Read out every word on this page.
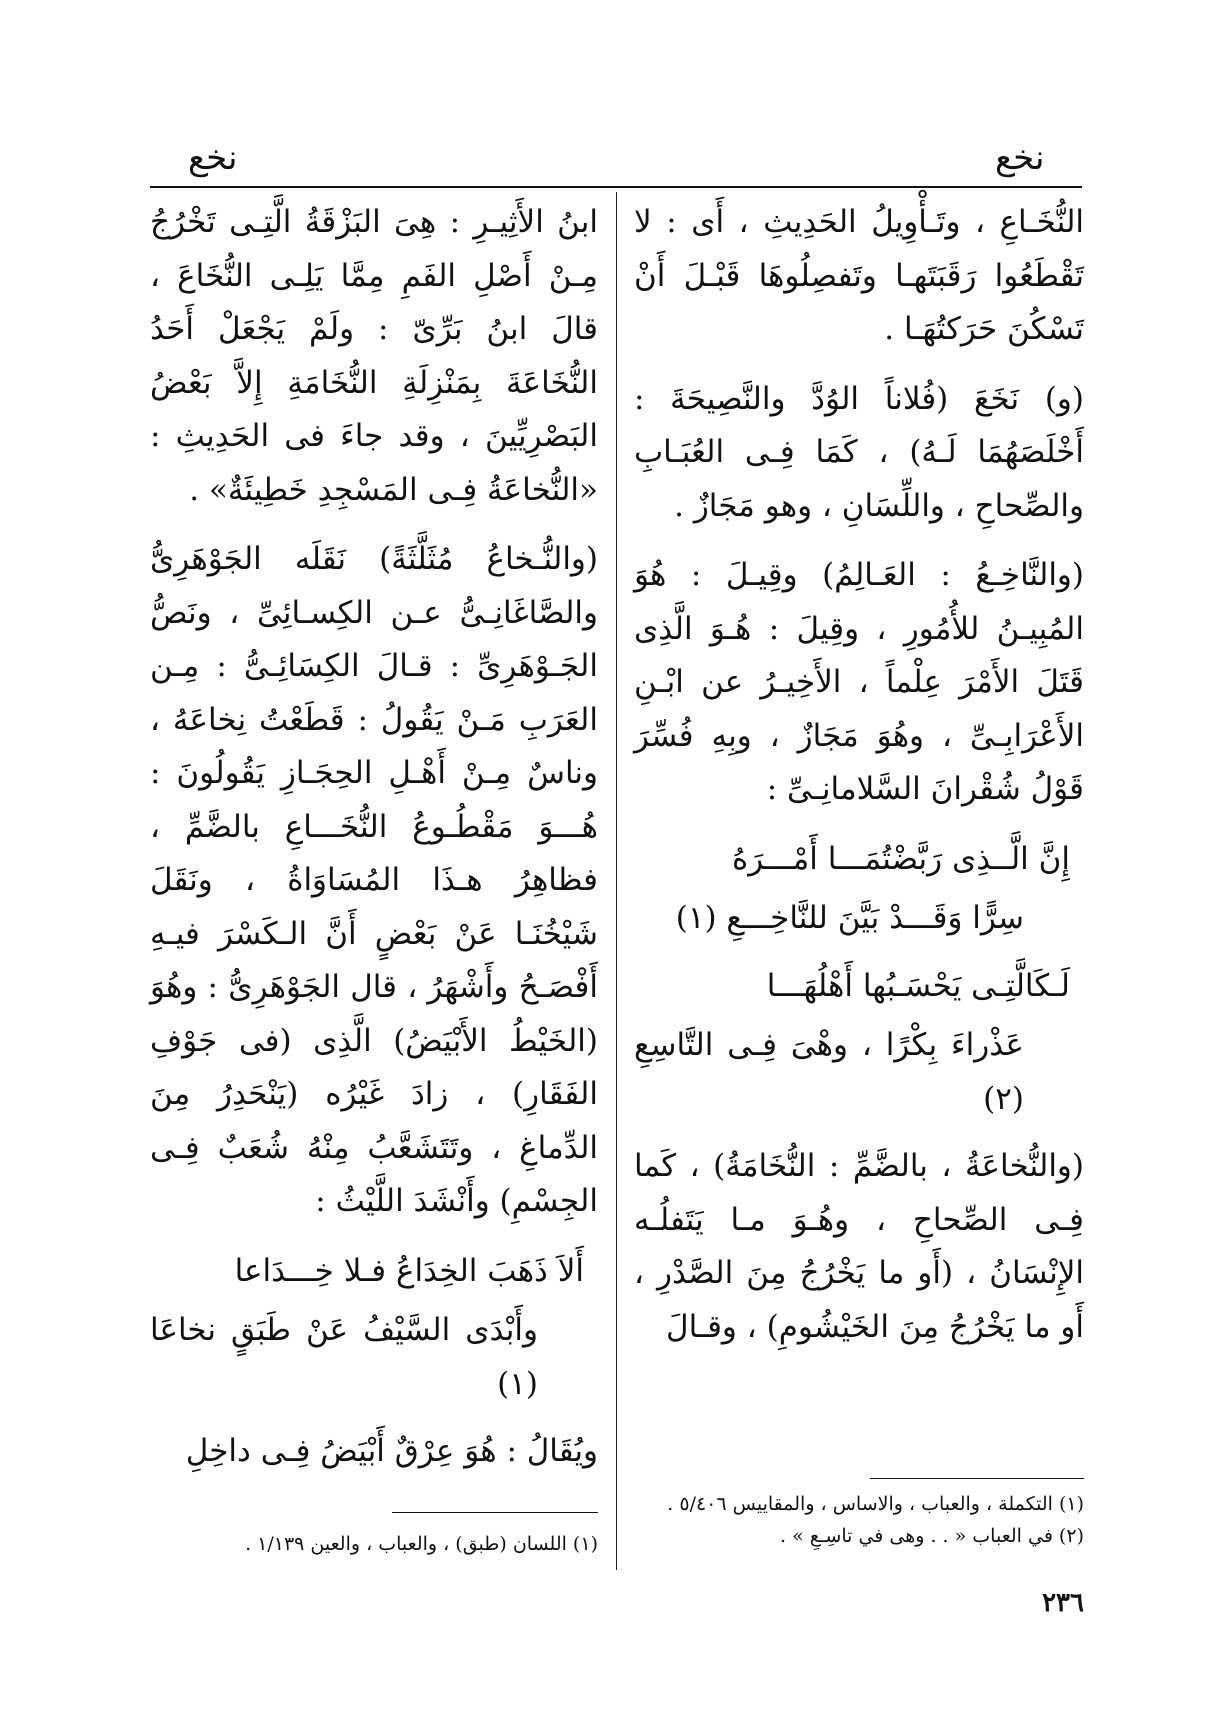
نخع
نخع

النُّخَـاعِ ، وتَـأْوِيلُ الحَدِيثِ ، أَى : لا تَقْطَعُوا رَقَبَتَهـا وتَفصِلُوهَا قَبْـلَ أَنْ تَسْكُنَ حَرَكتُهَـا .

(و) نَخَعَ (فُلاناً الوُدَّ والنَّصِيحَةَ : أَخْلَصَهُمَا لَـهُ) ، كَمَا فِـى العُبَـابِ والصِّحاحِ ، واللِّسَانِ ، وهو مَجَازٌ .

(والنَّاخِـعُ : العَـالِمُ) وقِيـلَ : هُوَ المُبِيـنُ للأُمُورِ ، وقِيلَ : هُـوَ الَّذِى قَتَلَ الأَمْرَ عِلْماً ، الأَخِيـرُ عن ابْـنِ الأَعْرَابِـىِّ ، وهُوَ مَجَازٌ ، وبِهِ فُسِّرَ قَوْلُ شُقْرانَ السَّلامانِـىِّ :

إِنَّ الَّــذِى رَبَّضْتُمَـــا أَمْـــرَهُ

سِرًّا وَقَـــدْ بَيَّنَ للنَّاخِـــعِ (١)

لَـكَالَّتِـى يَحْسَـبُها أَهْلُهَـــا

عَذْراءَ بِكْرًا ، وهْىَ فِـى التَّاسِعِ (٢)

(والنُّخاعَةُ ، بالضَّمِّ : النُّخَامَةُ) ، كَما فِـى الصِّحاحِ ، وهُـوَ مـا يَتَفلُـه الإِنْسَانُ ، (أَو ما يَخْرُجُ مِنَ الصَّدْرِ ، أَو ما يَخْرُجُ مِنَ الخَيْشُومِ) ، وقـالَ

ابنُ الأَثِيـرِ : هِىَ البَزْقَةُ الَّتِـى تَخْرُجُ مِـنْ أَصْلِ الفَمِ مِمَّا يَلِـى النُّخَاعَ ، قالَ ابنُ بَرِّىّ : ولَمْ يَجْعَلْ أَحَدُ النُّخَاعَةَ بِمَنْزِلَةِ النُّخَامَةِ إِلاَّ بَعْضُ البَصْرِيِّينَ ، وقد جاءَ فى الحَدِيثِ : «النُّخاعَةُ فِـى المَسْجِدِ خَطِيئَةٌ» .

(والنُّـخاعُ مُثَلَّثَةً) نَقَلَه الجَوْهَرِىُّ والصَّاغَانِـىُّ عـن الكِسـائِىِّ ، ونَصُّ الجَـوْهَرِىِّ : قـالَ الكِسَائِـىُّ : مِـن العَرَبِ مَـنْ يَقُولُ : قَطَعْتُ نِخاعَهُ ، وناسٌ مِـنْ أَهْـلِ الحِجَـازِ يَقُولُونَ : هُـــوَ مَقْطُـوعُ النُّخَـــاعِ بالضَّمِّ ، فظاهِرُ هـذَا المُسَاوَاةُ ، ونَقَلَ شَيْخُنَـا عَنْ بَعْضٍ أَنَّ الـكَسْرَ فيـهِ أَفْصَـحُ وأَشْهَرُ ، قال الجَوْهَرِىُّ : وهُوَ (الخَيْطُ الأَبْيَضُ) الَّذِى (فى جَوْفِ الفَقَارِ) ، زادَ غَيْرُه (يَنْحَدِرُ مِنَ الدِّماغِ ، وتَتَشَعَّبُ مِنْهُ شُعَبٌ فِـى الجِسْمِ) وأَنْشَدَ اللَّيْثُ :

أَلاَ ذَهَبَ الخِدَاعُ فـلا خِـــدَاعا

وأَبْدَى السَّيْفُ عَنْ طَبَقٍ نخاعَا (١)

ويُقَالُ : هُوَ عِرْقٌ أَبْيَضُ فِـى داخِلِ

(١) التكملة ، والعباب ، والاساس ، والمقاييس ٥/٤٠٦ .
(٢) في العباب « . . وهى في تاسِـعِ » .
(١) اللسان (طبق) ، والعباب ، والعين ١/١٣٩ .
٢٣٦
